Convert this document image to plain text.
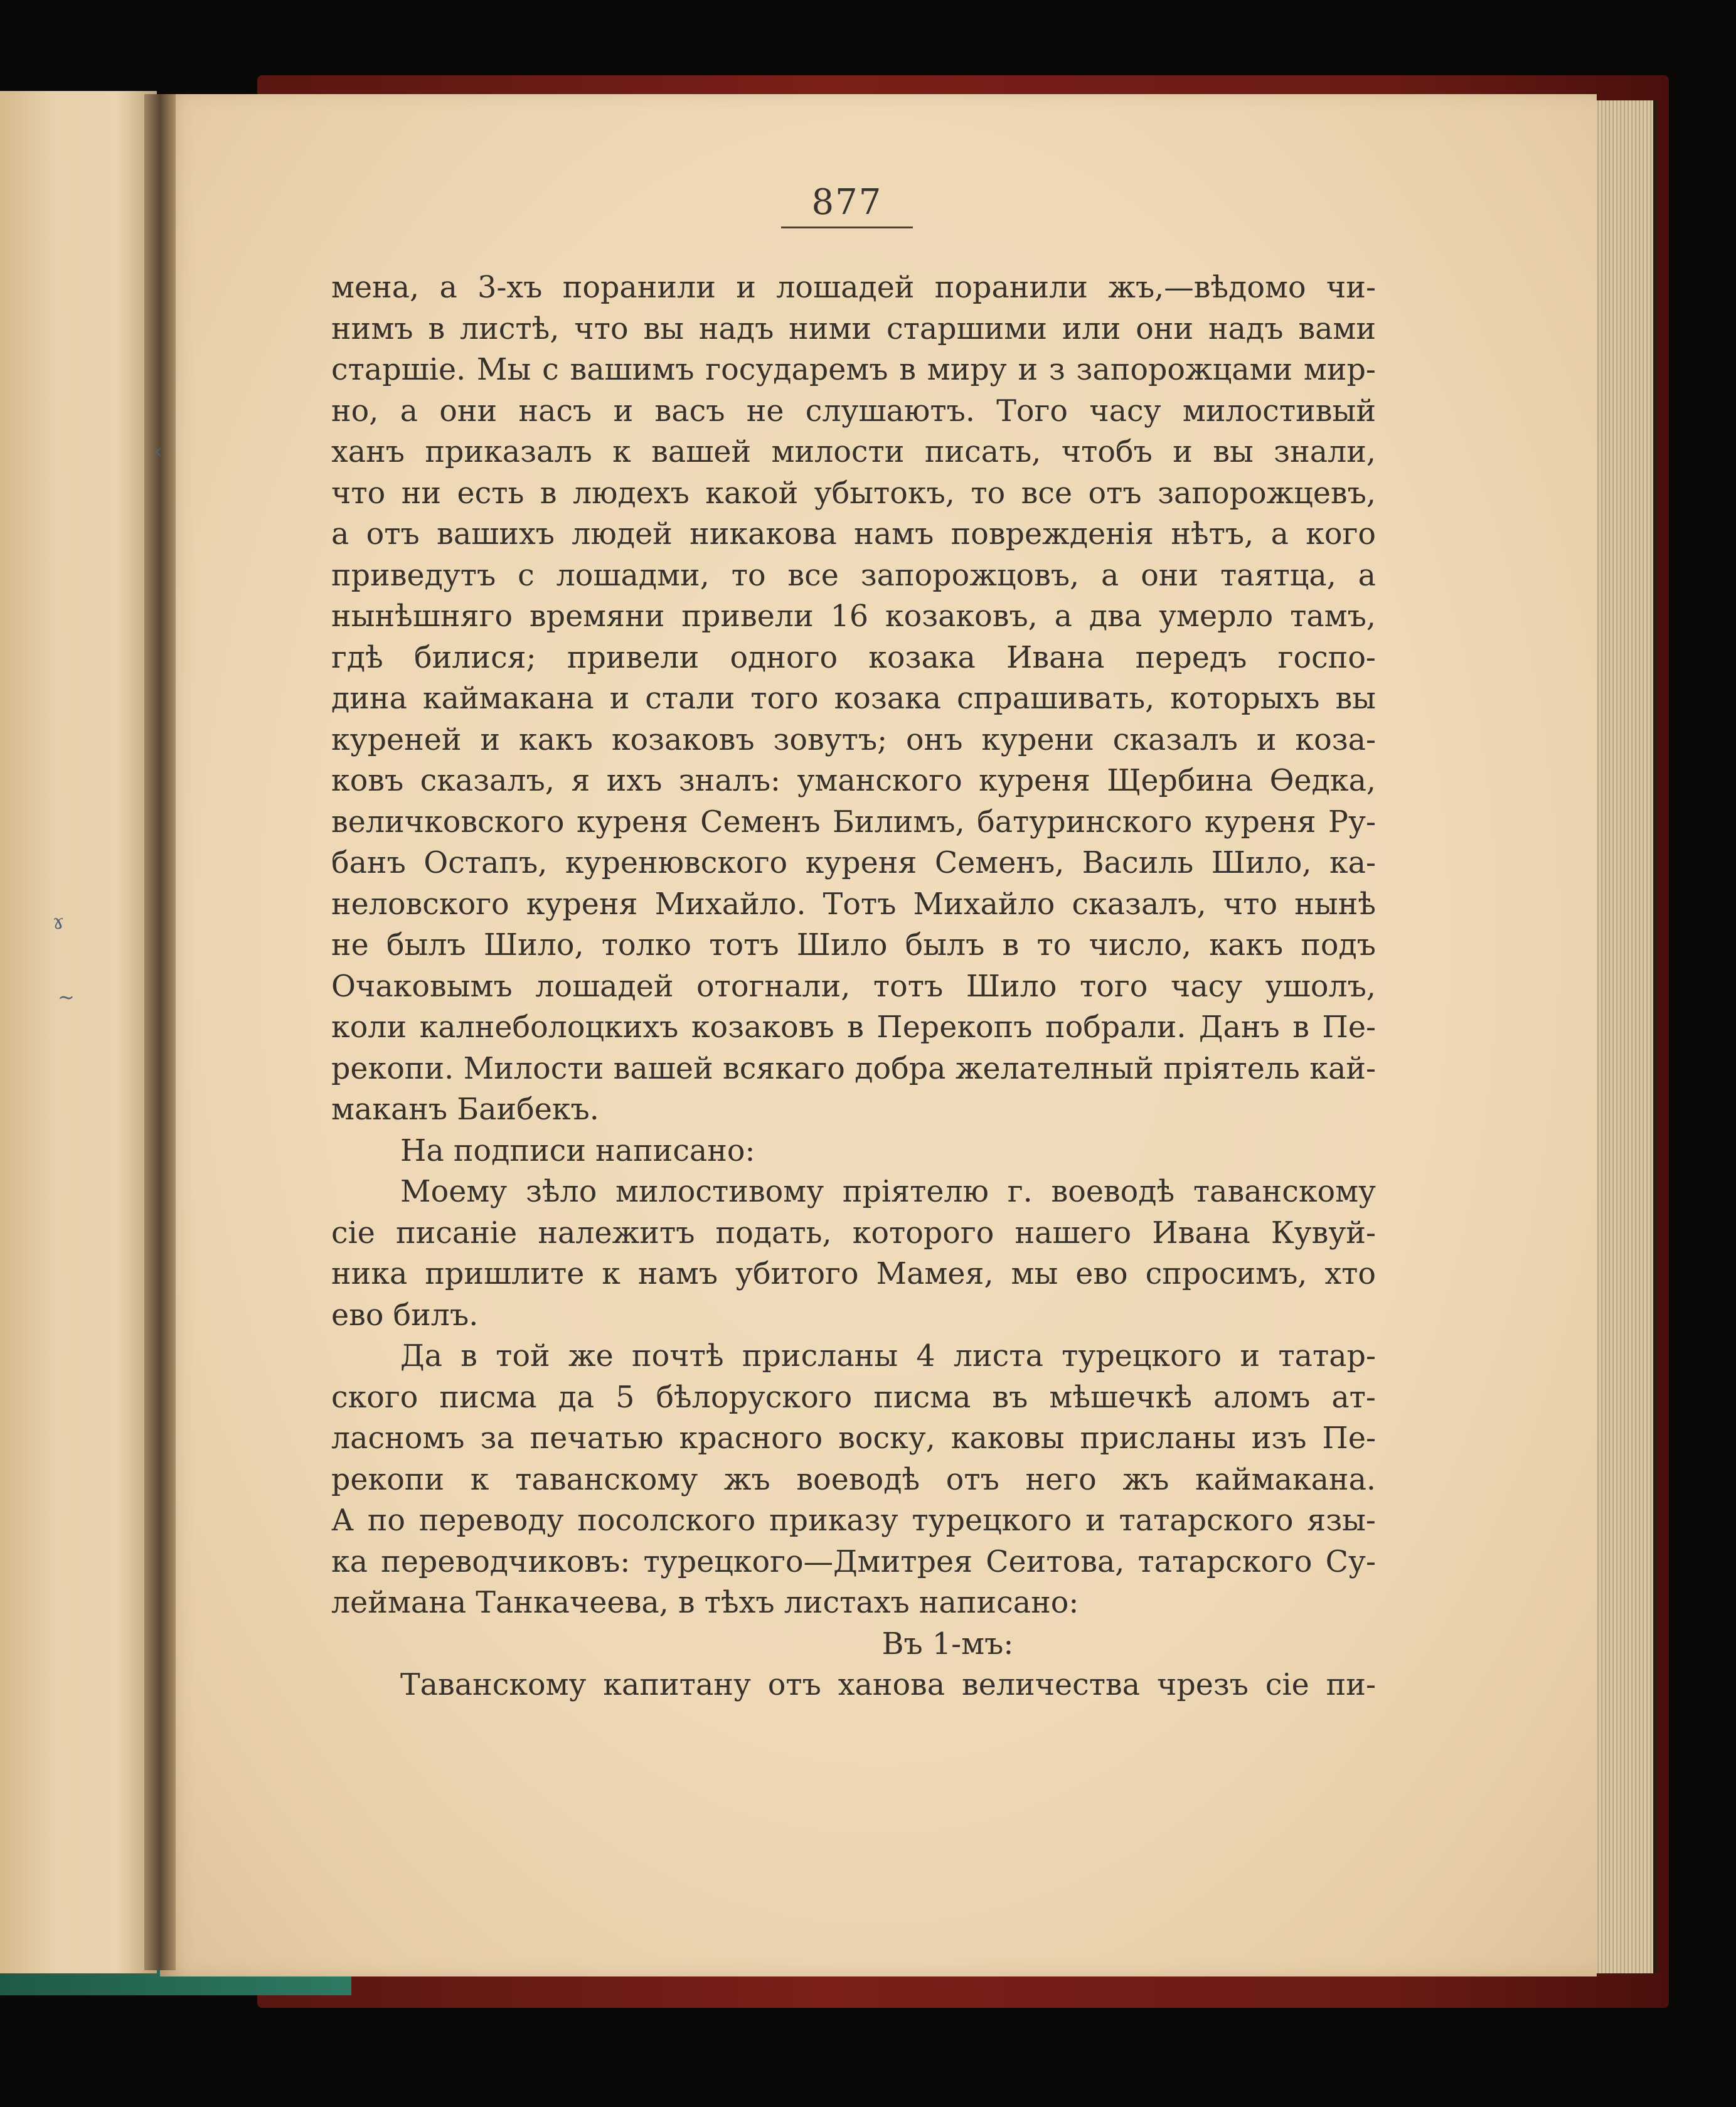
‹
ɤ
~
877
мена, а 3-хъ поранили и лошадей поранили жъ,—вѣдомо чи-
нимъ в листѣ, что вы надъ ними старшими или они надъ вами
старшіе. Мы с вашимъ государемъ в миру и з запорожцами мир-
но, а они насъ и васъ не слушаютъ. Того часу милостивый
ханъ приказалъ к вашей милости писать, чтобъ и вы знали,
что ни есть в людехъ какой убытокъ, то все отъ запорожцевъ,
а отъ вашихъ людей никакова намъ поврежденія нѣтъ, а кого
приведутъ с лошадми, то все запорожцовъ, а они таятца, а
нынѣшняго времяни привели 16 козаковъ, а два умерло тамъ,
гдѣ билися; привели одного козака Ивана передъ госпо-
дина каймакана и стали того козака спрашивать, которыхъ вы
куреней и какъ козаковъ зовутъ; онъ курени сказалъ и коза-
ковъ сказалъ, я ихъ зналъ: уманского куреня Щербина Ѳедка,
величковского куреня Семенъ Билимъ, батуринского куреня Ру-
банъ Остапъ, куренювского куреня Семенъ, Василь Шило, ка-
неловского куреня Михайло. Тотъ Михайло сказалъ, что нынѣ
не былъ Шило, толко тотъ Шило былъ в то число, какъ подъ
Очаковымъ лошадей отогнали, тотъ Шило того часу ушолъ,
коли калнеболоцкихъ козаковъ в Перекопъ побрали. Данъ в Пе-
рекопи. Милости вашей всякаго добра желателный пріятель кай-
маканъ Баибекъ.
На подписи написано:
Моему зѣло милостивому пріятелю г. воеводѣ таванскому
сіе писаніе належитъ подать, которого нашего Ивана Кувуй-
ника пришлите к намъ убитого Мамея, мы ево спросимъ, хто
ево билъ.
Да в той же почтѣ присланы 4 листа турецкого и татар-
ского писма да 5 бѣлоруского писма въ мѣшечкѣ аломъ ат-
ласномъ за печатью красного воску, каковы присланы изъ Пе-
рекопи к таванскому жъ воеводѣ отъ него жъ каймакана.
А по переводу посолского приказу турецкого и татарского язы-
ка переводчиковъ: турецкого—Дмитрея Сеитова, татарского Су-
леймана Танкачеева, в тѣхъ листахъ написано:
Въ 1-мъ:
Таванскому капитану отъ ханова величества чрезъ сіе пи-
